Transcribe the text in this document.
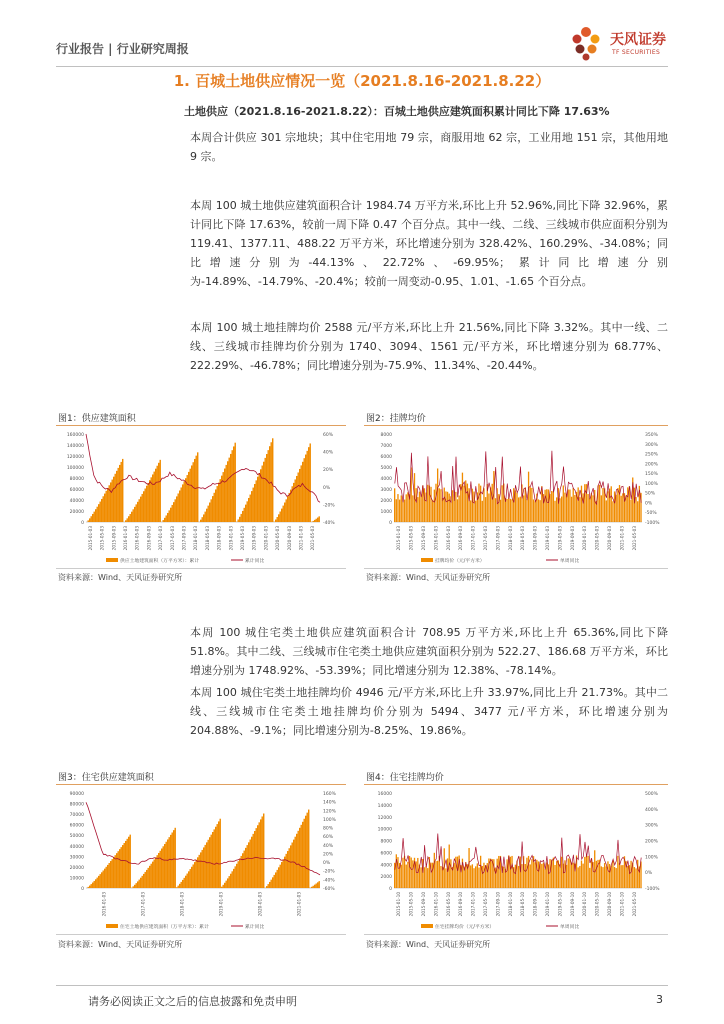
行业报告 | 行业研究周报
天风证券
TF SECURITIES
1. 百城土地供应情况一览（2021.8.16-2021.8.22）
土地供应（2021.8.16-2021.8.22）：百城土地供应建筑面积累计同比下降 17.63%
本周合计供应 301 宗地块；其中住宅用地 79 宗，商服用地 62 宗，工业用地 151 宗，其他用地 9 宗。
本周 100 城土地供应建筑面积合计 1984.74 万平方米,环比上升 52.96%,同比下降 32.96%，累计同比下降 17.63%，较前一周下降 0.47 个百分点。其中一线、二线、三线城市供应面积分别为 119.41、1377.11、488.22 万平方米，环比增速分别为 328.42%、160.29%、-34.08%；同比增速分别为-44.13%、22.72%、-69.95%；累计同比增速分别为-14.89%、-14.79%、-20.4%；较前一周变动-0.95、1.01、-1.65 个百分点。
本周 100 城土地挂牌均价 2588 元/平方米,环比上升 21.56%,同比下降 3.32%。其中一线、二线、三线城市挂牌均价分别为 1740、3094、1561 元/平方米，环比增速分别为 68.77%、222.29%、-46.78%；同比增速分别为-75.9%、11.34%、-20.44%。
图1：供应建筑面积
0
20000
40000
60000
80000
100000
120000
140000
160000
-40%
-20%
0%
20%
40%
60%
2015-01-03 2015-05-03 2015-09-03 2016-01-03 2016-05-03 2016-09-03 2017-01-03 2017-05-03 2017-09-03 2018-01-03 2018-05-03 2018-09-03 2019-01-03 2019-05-03 2019-09-03 2020-01-03 2020-05-03 2020-09-03 2021-01-03 2021-05-03
供应土地建筑面积（万平方米）：累计	累计同比
资料来源：Wind、天风证券研究所
图2：挂牌均价
0
1000
2000
3000
4000
5000
6000
7000
8000
-100%
-50%
0%
50%
100%
150%
200%
250%
300%
350%
2015-01-03 2015-05-03 2015-09-03 2016-01-03 2016-05-03 2016-09-03 2017-01-03 2017-05-03 2017-09-03 2018-01-03 2018-05-03 2018-09-03 2019-01-03 2019-05-03 2019-09-03 2020-01-03 2020-05-03 2020-09-03 2021-01-03 2021-05-03
挂牌均价（元/平方米）	单周同比
资料来源：Wind、天风证券研究所
本周 100 城住宅类土地供应建筑面积合计 708.95 万平方米,环比上升 65.36%,同比下降 51.8%。其中二线、三线城市住宅类土地供应建筑面积分别为 522.27、186.68 万平方米，环比增速分别为 1748.92%、-53.39%；同比增速分别为 12.38%、-78.14%。
本周 100 城住宅类土地挂牌均价 4946 元/平方米,环比上升 33.97%,同比上升 21.73%。其中二线、三线城市住宅类土地挂牌均价分别为 5494、3477 元/平方米，环比增速分别为 204.88%、-9.1%；同比增速分别为-8.25%、19.86%。
图3：住宅供应建筑面积
0
10000
20000
30000
40000
50000
60000
70000
80000
90000
-60%
-40%
-20%
0%
20%
40%
60%
80%
100%
120%
140%
160%
2016-01-03	2017-01-03	2018-01-03	2019-01-03	2020-01-03	2021-01-03
住宅土地供应建筑面积（万平方米）：累计	累计同比
资料来源：Wind、天风证券研究所
图4：住宅挂牌均价
0
2000
4000
6000
8000
10000
12000
14000
16000
-100%
0%
100%
200%
300%
400%
500%
2015-01-10 2015-05-10 2015-09-10 2016-01-10 2016-05-10 2016-09-10 2017-01-10 2017-05-10 2017-09-10 2018-01-10 2018-05-10 2018-09-10 2019-01-10 2019-05-10 2019-09-10 2020-01-10 2020-05-10 2020-09-10 2021-01-10 2021-05-10
住宅挂牌均价（元/平方米）	单周同比
资料来源：Wind、天风证券研究所
请务必阅读正文之后的信息披露和免责申明	3
